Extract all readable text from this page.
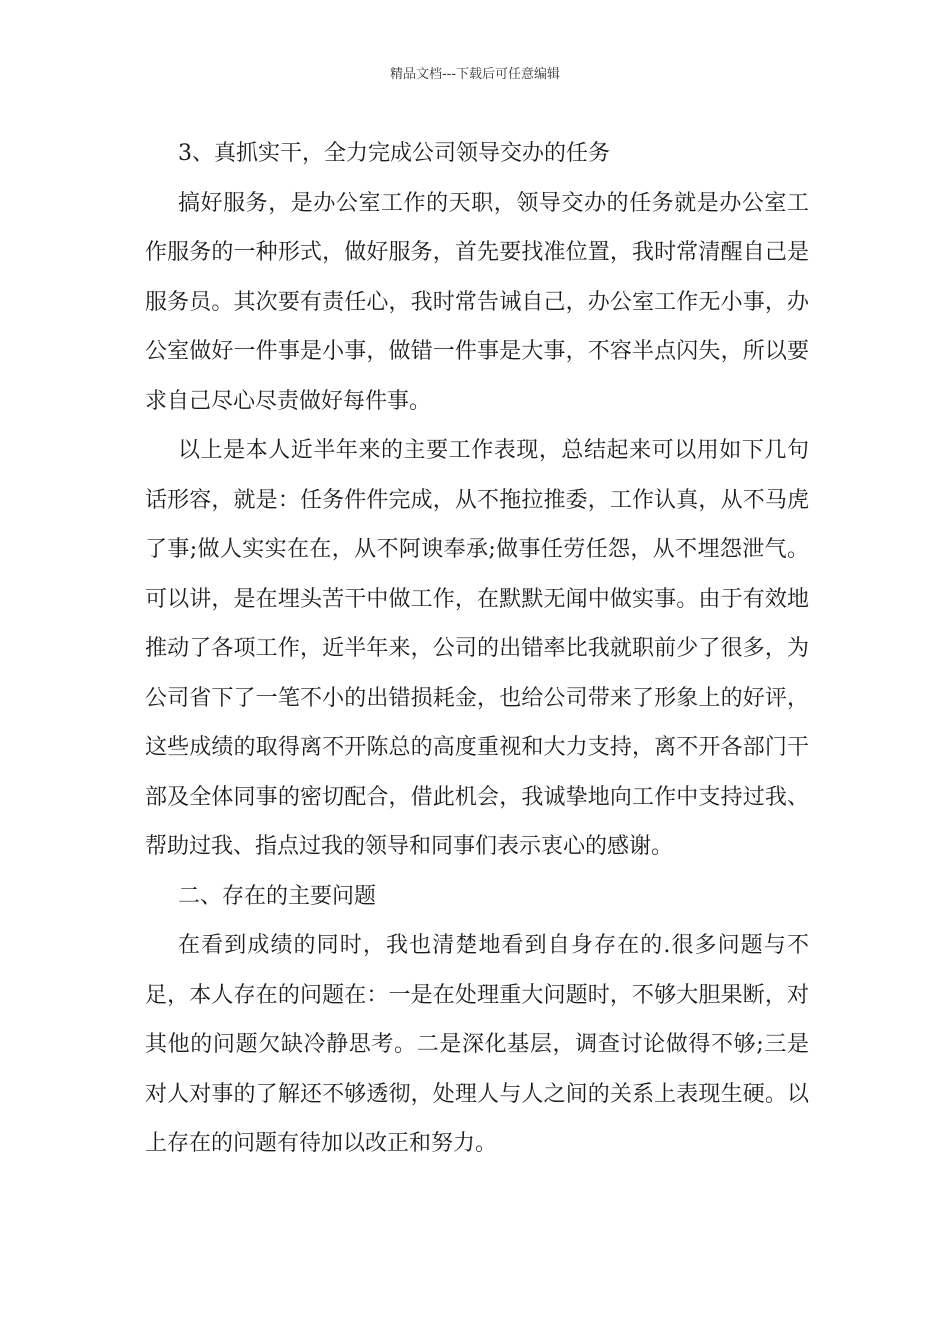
精品文档---下载后可任意编辑
3、真抓实干，全力完成公司领导交办的任务

搞好服务，是办公室工作的天职，领导交办的任务就是办公室工作服务的一种形式，做好服务，首先要找准位置，我时常清醒自己是服务员。其次要有责任心，我时常告诫自己，办公室工作无小事，办公室做好一件事是小事，做错一件事是大事，不容半点闪失，所以要求自己尽心尽责做好每件事。

以上是本人近半年来的主要工作表现，总结起来可以用如下几句话形容，就是：任务件件完成，从不拖拉推委，工作认真，从不马虎了事;做人实实在在，从不阿谀奉承;做事任劳任怨，从不埋怨泄气。可以讲，是在埋头苦干中做工作，在默默无闻中做实事。由于有效地推动了各项工作，近半年来，公司的出错率比我就职前少了很多，为公司省下了一笔不小的出错损耗金，也给公司带来了形象上的好评，这些成绩的取得离不开陈总的高度重视和大力支持，离不开各部门干部及全体同事的密切配合，借此机会，我诚挚地向工作中支持过我、帮助过我、指点过我的领导和同事们表示衷心的感谢。

二、存在的主要问题

在看到成绩的同时，我也清楚地看到自身存在的.很多问题与不足，本人存在的问题在：一是在处理重大问题时，不够大胆果断，对其他的问题欠缺冷静思考。二是深化基层，调查讨论做得不够;三是对人对事的了解还不够透彻，处理人与人之间的关系上表现生硬。以上存在的问题有待加以改正和努力。
